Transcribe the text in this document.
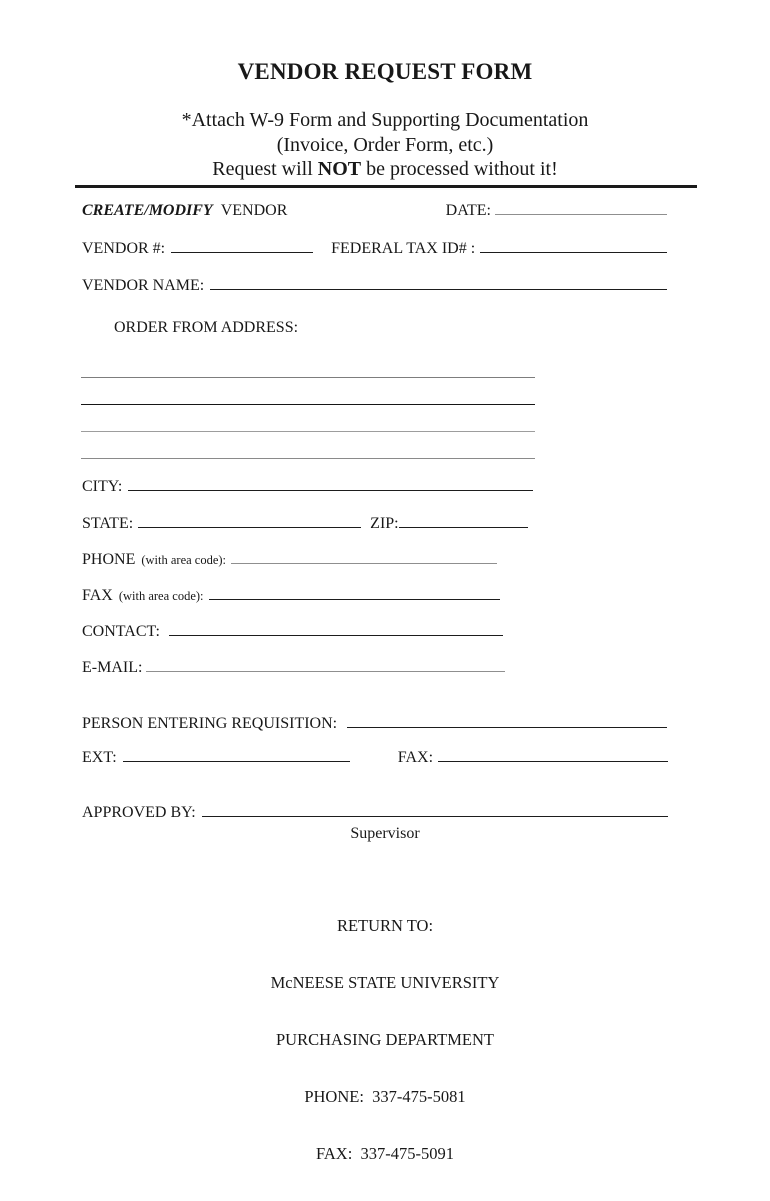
VENDOR REQUEST FORM
*Attach W-9 Form and Supporting Documentation
(Invoice, Order Form, etc.)
Request will NOT be processed without it!
CREATE/MODIFY VENDOR	DATE:
VENDOR #:	FEDERAL TAX ID# :
VENDOR NAME:
ORDER FROM ADDRESS:
CITY:
STATE:	ZIP:
PHONE (with area code):
FAX (with area code):
CONTACT:
E-MAIL:
PERSON ENTERING REQUISITION:
EXT:	FAX:
APPROVED BY:
Supervisor

RETURN TO:

McNEESE STATE UNIVERSITY

PURCHASING DEPARTMENT

PHONE:  337-475-5081

FAX:  337-475-5091
